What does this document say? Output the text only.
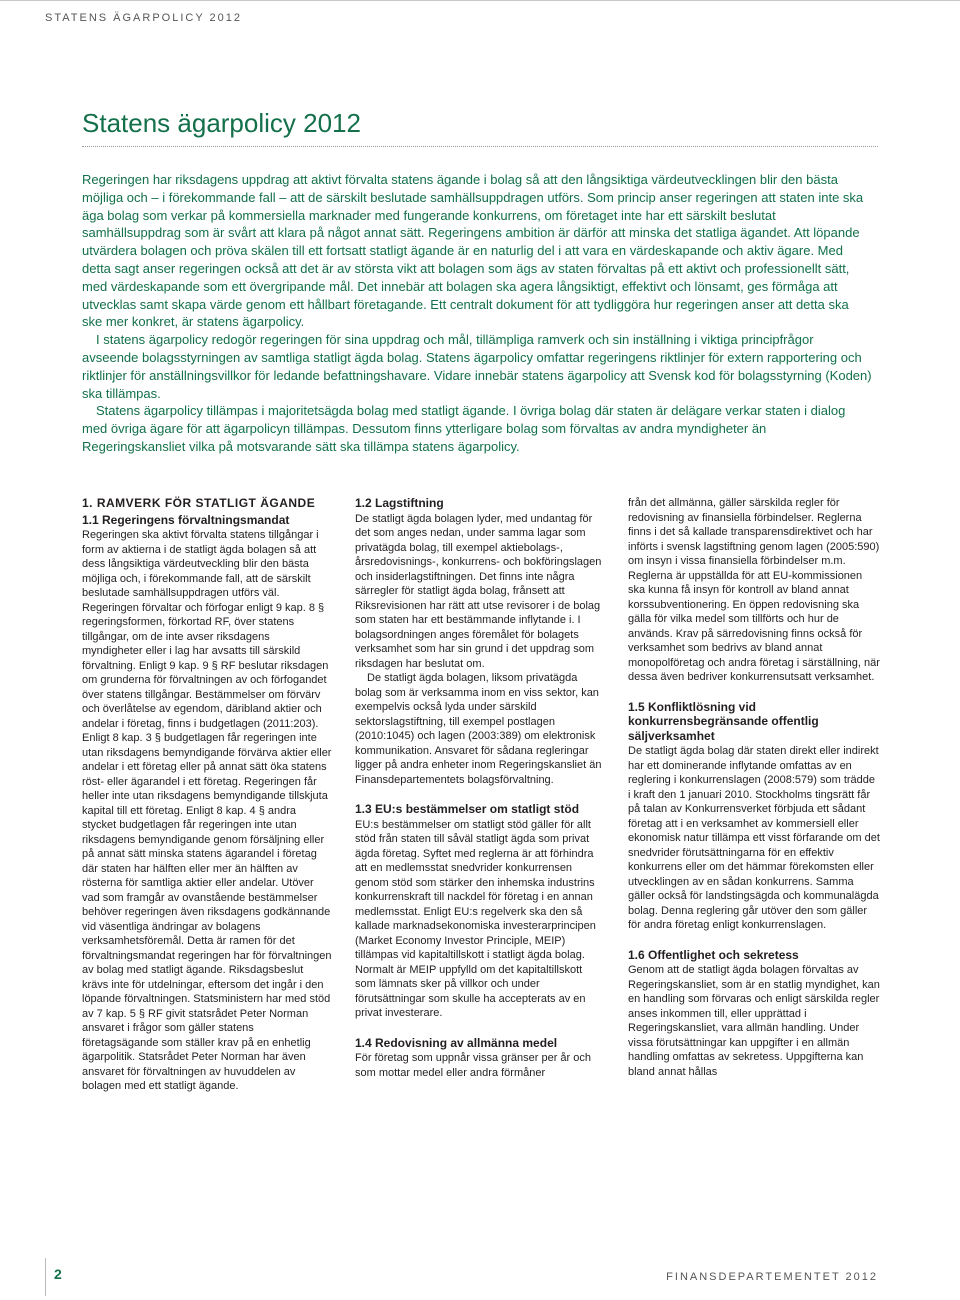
STATENS ÄGARPOLICY 2012
Statens ägarpolicy 2012

Regeringen har riksdagens uppdrag att aktivt förvalta statens ägande i bolag så att den långsiktiga värdeutvecklingen blir den bästa möjliga och – i förekommande fall – att de särskilt beslutade samhällsuppdragen utförs. Som princip anser regeringen att staten inte ska äga bolag som verkar på kommersiella marknader med fungerande konkurrens, om företaget inte har ett särskilt beslutat samhällsuppdrag som är svårt att klara på något annat sätt. Regeringens ambition är därför att minska det statliga ägandet. Att löpande utvärdera bolagen och pröva skälen till ett fortsatt statligt ägande är en naturlig del i att vara en värdeskapande och aktiv ägare. Med detta sagt anser regeringen också att det är av största vikt att bolagen som ägs av staten förvaltas på ett aktivt och professionellt sätt, med värdeskapande som ett övergripande mål. Det innebär att bolagen ska agera långsiktigt, effektivt och lönsamt, ges förmåga att utvecklas samt skapa värde genom ett hållbart företagande. Ett centralt dokument för att tydliggöra hur regeringen anser att detta ska ske mer konkret, är statens ägarpolicy.

I statens ägarpolicy redogör regeringen för sina uppdrag och mål, tillämpliga ramverk och sin inställning i viktiga principfrågor avseende bolagsstyrningen av samtliga statligt ägda bolag. Statens ägarpolicy omfattar regeringens riktlinjer för extern rapportering och riktlinjer för anställningsvillkor för ledande befattningshavare. Vidare innebär statens ägarpolicy att Svensk kod för bolagsstyrning (Koden) ska tillämpas.

Statens ägarpolicy tillämpas i majoritetsägda bolag med statligt ägande. I övriga bolag där staten är delägare verkar staten i dialog med övriga ägare för att ägarpolicyn tillämpas. Dessutom finns ytterligare bolag som förvaltas av andra myndigheter än Regeringskansliet vilka på motsvarande sätt ska tillämpa statens ägarpolicy.

1. RAMVERK FÖR STATLIGT ÄGANDE
1.1 Regeringens förvaltningsmandat

Regeringen ska aktivt förvalta statens tillgångar i form av aktierna i de statligt ägda bolagen så att dess långsiktiga värdeutveckling blir den bästa möjliga och, i förekommande fall, att de särskilt beslutade samhällsuppdragen utförs väl. Regeringen förvaltar och förfogar enligt 9 kap. 8 § regeringsformen, förkortad RF, över statens tillgångar, om de inte avser riksdagens myndigheter eller i lag har avsatts till särskild förvaltning. Enligt 9 kap. 9 § RF beslutar riksdagen om grunderna för förvaltningen av och förfogandet över statens tillgångar. Bestämmelser om förvärv och överlåtelse av egendom, däribland aktier och andelar i företag, finns i budgetlagen (2011:203). Enligt 8 kap. 3 § budgetlagen får regeringen inte utan riksdagens bemyndigande förvärva aktier eller andelar i ett företag eller på annat sätt öka statens röst- eller ägarandel i ett företag. Regeringen får heller inte utan riksdagens bemyndigande tillskjuta kapital till ett företag. Enligt 8 kap. 4 § andra stycket budgetlagen får regeringen inte utan riksdagens bemyndigande genom försäljning eller på annat sätt minska statens ägarandel i företag där staten har hälften eller mer än hälften av rösterna för samtliga aktier eller andelar. Utöver vad som framgår av ovanstående bestämmelser behöver regeringen även riksdagens godkännande vid väsentliga ändringar av bolagens verksamhetsföremål. Detta är ramen för det förvaltningsmandat regeringen har för förvaltningen av bolag med statligt ägande. Riksdagsbeslut krävs inte för utdelningar, eftersom det ingår i den löpande förvaltningen. Statsministern har med stöd av 7 kap. 5 § RF givit statsrådet Peter Norman ansvaret i frågor som gäller statens företagsägande som ställer krav på en enhetlig ägarpolitik. Statsrådet Peter Norman har även ansvaret för förvaltningen av huvuddelen av bolagen med ett statligt ägande.

1.2 Lagstiftning

De statligt ägda bolagen lyder, med undantag för det som anges nedan, under samma lagar som privatägda bolag, till exempel aktiebolags-, årsredovisnings-, konkurrens- och bokföringslagen och insiderlagstiftningen. Det finns inte några särregler för statligt ägda bolag, frånsett att Riksrevisionen har rätt att utse revisorer i de bolag som staten har ett bestämmande inflytande i. I bolagsordningen anges föremålet för bolagets verksamhet som har sin grund i det uppdrag som riksdagen har beslutat om.

De statligt ägda bolagen, liksom privatägda bolag som är verksamma inom en viss sektor, kan exempelvis också lyda under särskild sektorslagstiftning, till exempel postlagen (2010:1045) och lagen (2003:389) om elektronisk kommunikation. Ansvaret för sådana regleringar ligger på andra enheter inom Regeringskansliet än Finansdepartementets bolagsförvaltning.

1.3 EU:s bestämmelser om statligt stöd

EU:s bestämmelser om statligt stöd gäller för allt stöd från staten till såväl statligt ägda som privat ägda företag. Syftet med reglerna är att förhindra att en medlemsstat snedvrider konkurrensen genom stöd som stärker den inhemska industrins konkurrenskraft till nackdel för företag i en annan medlemsstat. Enligt EU:s regelverk ska den så kallade marknadsekonomiska investerarprincipen (Market Economy Investor Principle, MEIP) tillämpas vid kapitaltillskott i statligt ägda bolag. Normalt är MEIP uppfylld om det kapitaltillskott som lämnats sker på villkor och under förutsättningar som skulle ha accepterats av en privat investerare.

1.4 Redovisning av allmänna medel

För företag som uppnår vissa gränser per år och som mottar medel eller andra förmåner

från det allmänna, gäller särskilda regler för redovisning av finansiella förbindelser. Reglerna finns i det så kallade transparensdirektivet och har införts i svensk lagstiftning genom lagen (2005:590) om insyn i vissa finansiella förbindelser m.m. Reglerna är uppställda för att EU-kommissionen ska kunna få insyn för kontroll av bland annat korssubventionering. En öppen redovisning ska gälla för vilka medel som tillförts och hur de används. Krav på särredovisning finns också för verksamhet som bedrivs av bland annat monopolföretag och andra företag i särställning, när dessa även bedriver konkurrensutsatt verksamhet.

1.5 Konfliktlösning vid konkurrensbegränsande offentlig säljverksamhet

De statligt ägda bolag där staten direkt eller indirekt har ett dominerande inflytande omfattas av en reglering i konkurrenslagen (2008:579) som trädde i kraft den 1 januari 2010. Stockholms tingsrätt får på talan av Konkurrensverket förbjuda ett sådant företag att i en verksamhet av kommersiell eller ekonomisk natur tillämpa ett visst förfarande om det snedvrider förutsättningarna för en effektiv konkurrens eller om det hämmar förekomsten eller utvecklingen av en sådan konkurrens. Samma gäller också för landstingsägda och kommunalägda bolag. Denna reglering går utöver den som gäller för andra företag enligt konkurrenslagen.

1.6 Offentlighet och sekretess

Genom att de statligt ägda bolagen förvaltas av Regeringskansliet, som är en statlig myndighet, kan en handling som förvaras och enligt särskilda regler anses inkommen till, eller upprättad i Regeringskansliet, vara allmän handling. Under vissa förutsättningar kan uppgifter i en allmän handling omfattas av sekretess. Uppgifterna kan bland annat hållas

2	FINANSDEPARTEMENTET 2012
